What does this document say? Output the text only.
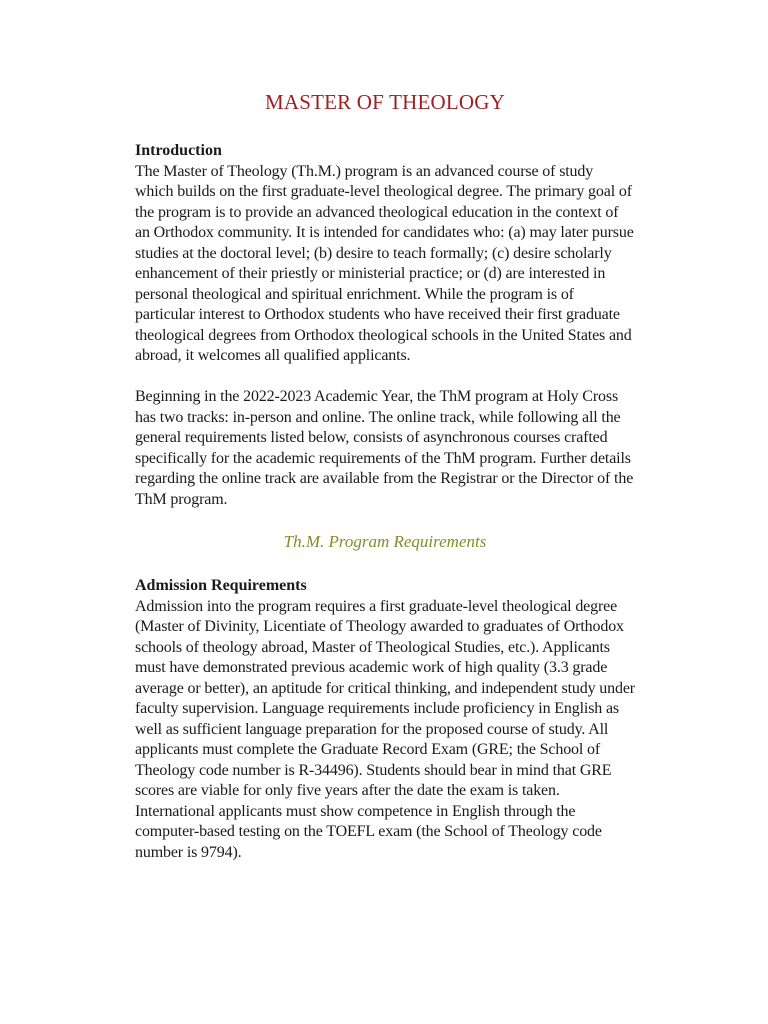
MASTER OF THEOLOGY
Introduction

The Master of Theology (Th.M.) program is an advanced course of study which builds on the first graduate-level theological degree. The primary goal of the program is to provide an advanced theological education in the context of an Orthodox community. It is intended for candidates who: (a) may later pursue studies at the doctoral level; (b) desire to teach formally; (c) desire scholarly enhancement of their priestly or ministerial practice; or (d) are interested in personal theological and spiritual enrichment. While the program is of particular interest to Orthodox students who have received their first graduate theological degrees from Orthodox theological schools in the United States and abroad, it welcomes all qualified applicants.

Beginning in the 2022-2023 Academic Year, the ThM program at Holy Cross has two tracks: in-person and online. The online track, while following all the general requirements listed below, consists of asynchronous courses crafted specifically for the academic requirements of the ThM program. Further details regarding the online track are available from the Registrar or the Director of the ThM program.

Th.M. Program Requirements
Admission Requirements

Admission into the program requires a first graduate-level theological degree (Master of Divinity, Licentiate of Theology awarded to graduates of Orthodox schools of theology abroad, Master of Theological Studies, etc.). Applicants must have demonstrated previous academic work of high quality (3.3 grade average or better), an aptitude for critical thinking, and independent study under faculty supervision. Language requirements include proficiency in English as well as sufficient language preparation for the proposed course of study. All applicants must complete the Graduate Record Exam (GRE; the School of Theology code number is R-34496). Students should bear in mind that GRE scores are viable for only five years after the date the exam is taken. International applicants must show competence in English through the computer-based testing on the TOEFL exam (the School of Theology code number is 9794).
